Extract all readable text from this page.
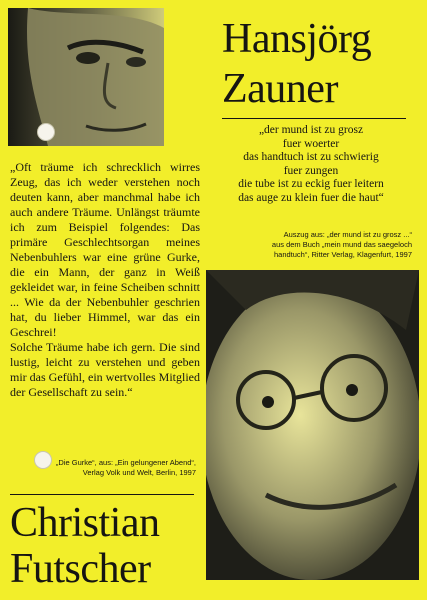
Hansjörg
Zauner
„der mund ist zu grosz
fuer woerter
das handtuch ist zu schwierig
fuer zungen
die tube ist zu eckig fuer leitern
das auge zu klein fuer die haut“
Auszug aus: „der mund ist zu grosz ...“
aus dem Buch „mein mund das saegeloch
handtuch“, Ritter Verlag, Klagenfurt, 1997

„Oft träume ich schrecklich wirres Zeug, das ich weder verstehen noch deuten kann, aber manchmal habe ich auch andere Träume. Unlängst träumte ich zum Beispiel folgendes: Das primäre Geschlechtsorgan meines Nebenbuhlers war eine grüne Gurke, die ein Mann, der ganz in Weiß gekleidet war, in feine Scheiben schnitt ... Wie da der Nebenbuhler geschrien hat, du lieber Himmel, war das ein Geschrei!

Solche Träume habe ich gern. Die sind lustig, leicht zu verstehen und geben mir das Gefühl, ein wertvolles Mitglied der Gesellschaft zu sein.“

„Die Gurke“, aus: „Ein gelungener Abend“,
Verlag Volk und Welt, Berlin, 1997
Christian
Futscher
